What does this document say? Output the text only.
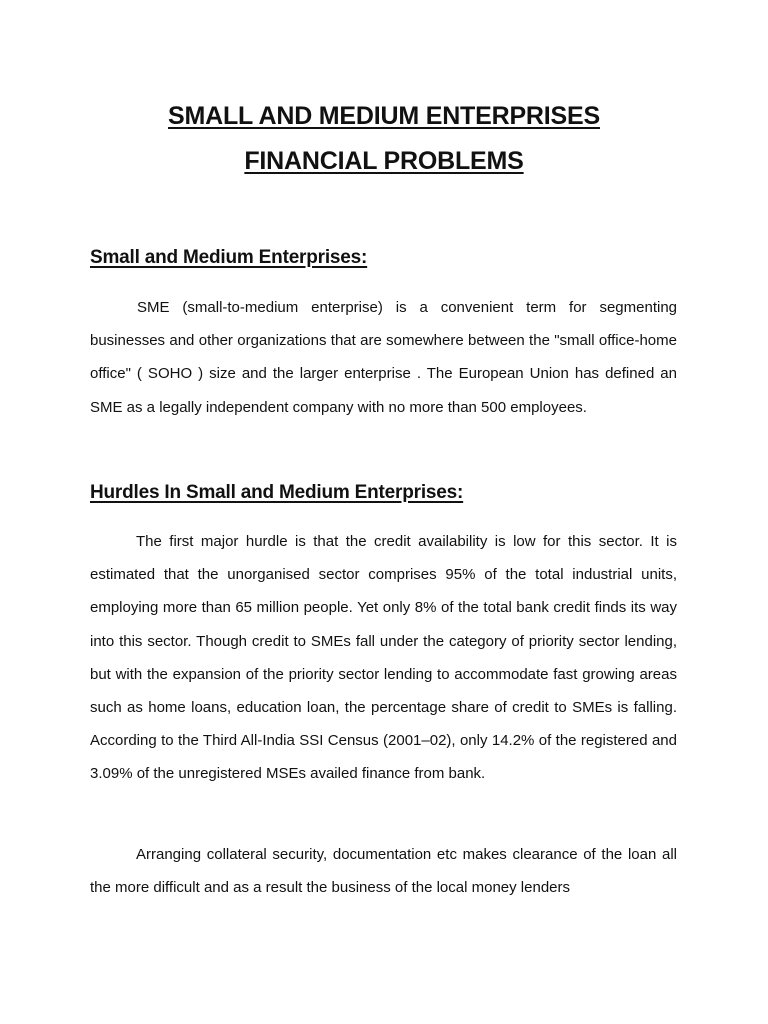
SMALL AND MEDIUM ENTERPRISES
FINANCIAL PROBLEMS
Small and Medium Enterprises:

SME (small-to-medium enterprise) is a convenient term for segmenting businesses and other organizations that are somewhere between the "small office-home office" ( SOHO ) size and the larger enterprise . The European Union has defined an SME as a legally independent company with no more than 500 employees.

Hurdles In Small and Medium Enterprises:

The first major hurdle is that the credit availability is low for this sector. It is estimated that the unorganised sector comprises 95% of the total industrial units, employing more than 65 million people. Yet only 8% of the total bank credit finds its way into this sector. Though credit to SMEs fall under the category of priority sector lending, but with the expansion of the priority sector lending to accommodate fast growing areas such as home loans, education loan, the percentage share of credit to SMEs is falling. According to the Third All-India SSI Census (2001–02), only 14.2% of the registered and 3.09% of the unregistered MSEs availed finance from bank.

Arranging collateral security, documentation etc makes clearance of the loan all the more difficult and as a result the business of the local money lenders
